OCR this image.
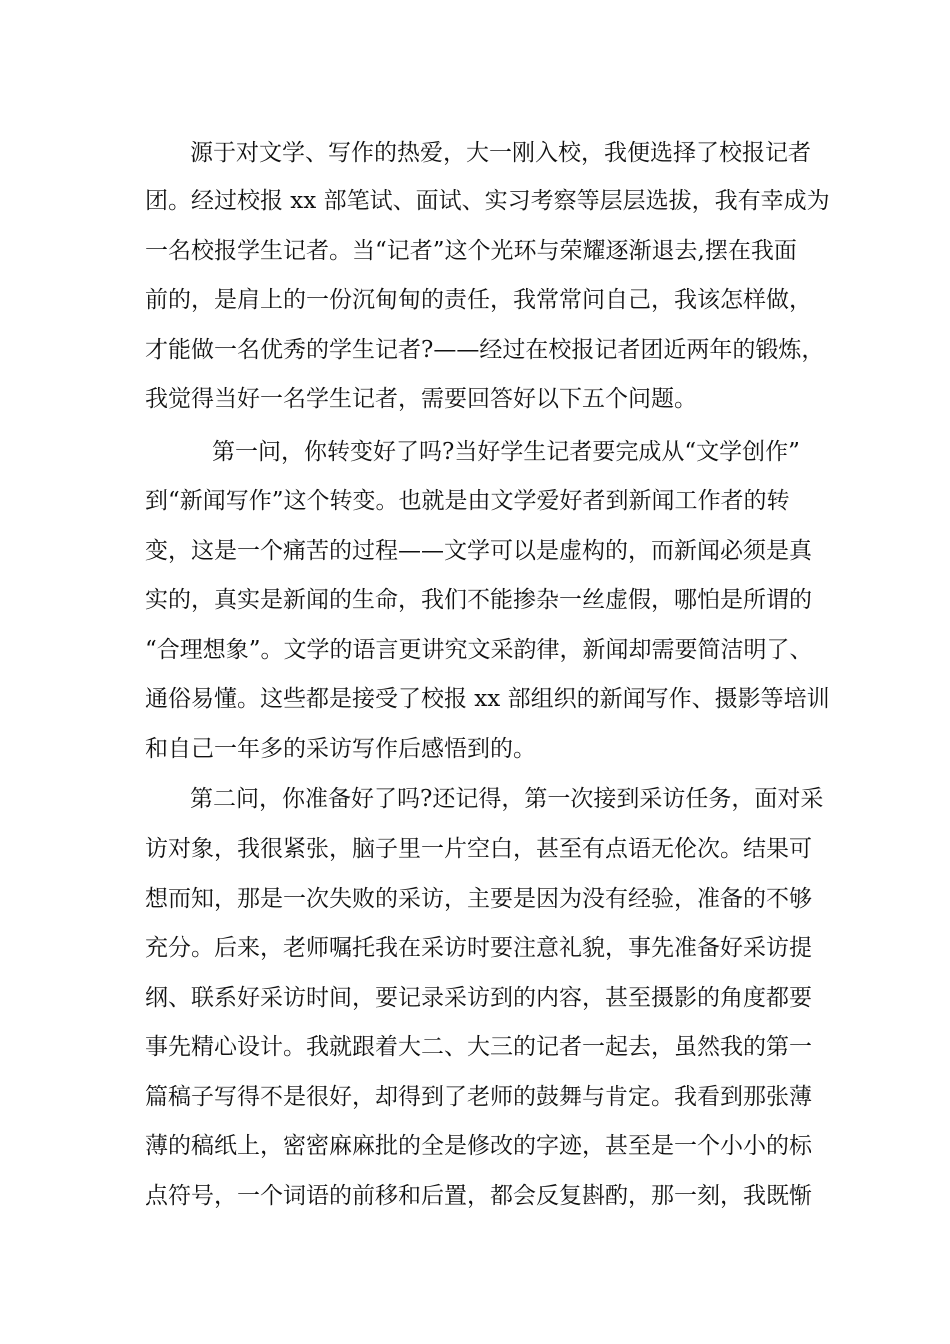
源于对文学、写作的热爱，大一刚入校，我便选择了校报记者
团。经过校报 xx 部笔试、面试、实习考察等层层选拔，我有幸成为
一名校报学生记者。当“记者”这个光环与荣耀逐渐退去,摆在我面
前的，是肩上的一份沉甸甸的责任，我常常问自己，我该怎样做，
才能做一名优秀的学生记者?——经过在校报记者团近两年的锻炼，
我觉得当好一名学生记者，需要回答好以下五个问题。
第一问，你转变好了吗?当好学生记者要完成从“文学创作”
到“新闻写作”这个转变。也就是由文学爱好者到新闻工作者的转
变，这是一个痛苦的过程——文学可以是虚构的，而新闻必须是真
实的，真实是新闻的生命，我们不能掺杂一丝虚假，哪怕是所谓的
“合理想象”。文学的语言更讲究文采韵律，新闻却需要简洁明了、
通俗易懂。这些都是接受了校报 xx 部组织的新闻写作、摄影等培训
和自己一年多的采访写作后感悟到的。
第二问，你准备好了吗?还记得，第一次接到采访任务，面对采
访对象，我很紧张，脑子里一片空白，甚至有点语无伦次。结果可
想而知，那是一次失败的采访，主要是因为没有经验，准备的不够
充分。后来，老师嘱托我在采访时要注意礼貌，事先准备好采访提
纲、联系好采访时间，要记录采访到的内容，甚至摄影的角度都要
事先精心设计。我就跟着大二、大三的记者一起去，虽然我的第一
篇稿子写得不是很好，却得到了老师的鼓舞与肯定。我看到那张薄
薄的稿纸上，密密麻麻批的全是修改的字迹，甚至是一个小小的标
点符号，一个词语的前移和后置，都会反复斟酌，那一刻，我既惭
